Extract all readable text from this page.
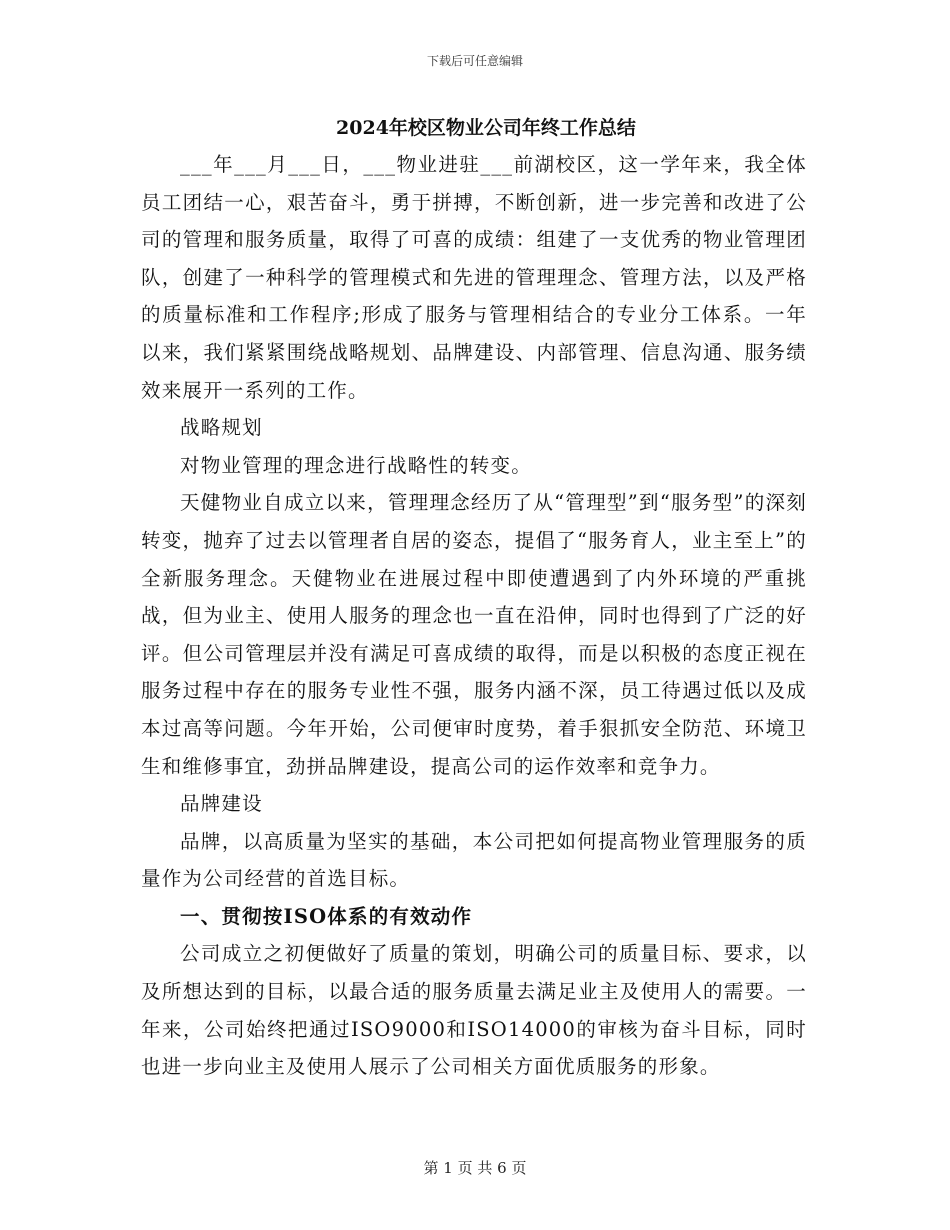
下载后可任意编辑
2024年校区物业公司年终工作总结

___年___月___日，___物业进驻___前湖校区，这一学年来，我全体员工团结一心，艰苦奋斗，勇于拼搏，不断创新，进一步完善和改进了公司的管理和服务质量，取得了可喜的成绩：组建了一支优秀的物业管理团队，创建了一种科学的管理模式和先进的管理理念、管理方法，以及严格的质量标准和工作程序;形成了服务与管理相结合的专业分工体系。一年以来，我们紧紧围绕战略规划、品牌建设、内部管理、信息沟通、服务绩效来展开一系列的工作。

战略规划

对物业管理的理念进行战略性的转变。

天健物业自成立以来，管理理念经历了从“管理型”到“服务型”的深刻转变，抛弃了过去以管理者自居的姿态，提倡了“服务育人，业主至上”的全新服务理念。天健物业在进展过程中即使遭遇到了内外环境的严重挑战，但为业主、使用人服务的理念也一直在沿伸，同时也得到了广泛的好评。但公司管理层并没有满足可喜成绩的取得，而是以积极的态度正视在服务过程中存在的服务专业性不强，服务内涵不深，员工待遇过低以及成本过高等问题。今年开始，公司便审时度势，着手狠抓安全防范、环境卫生和维修事宜，劲拼品牌建设，提高公司的运作效率和竞争力。

品牌建设

品牌，以高质量为坚实的基础，本公司把如何提高物业管理服务的质量作为公司经营的首选目标。

一、贯彻按ISO体系的有效动作

公司成立之初便做好了质量的策划，明确公司的质量目标、要求，以及所想达到的目标，以最合适的服务质量去满足业主及使用人的需要。一年来，公司始终把通过ISO9000和ISO14000的审核为奋斗目标，同时也进一步向业主及使用人展示了公司相关方面优质服务的形象。

第 1 页 共 6 页
